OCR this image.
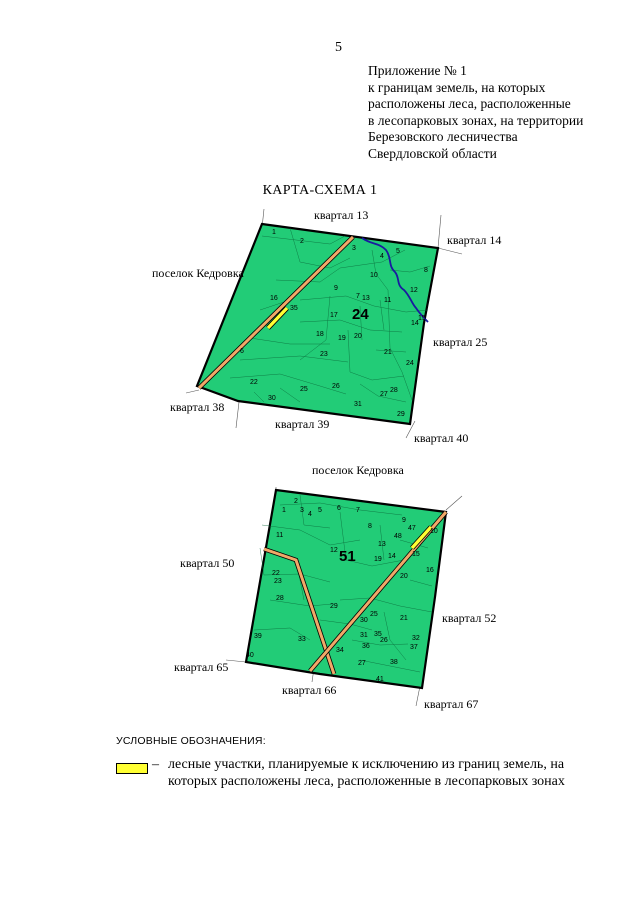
5
Приложение № 1
к границам земель, на которых
расположены леса, расположенные
в лесопарковых зонах, на территории
Березовского лесничества
Свердловской области
КАРТА-СХЕМА 1
1
2
3
4
5
6
7
8
9
10
11
12
13
14
15
16
17
18
19 20
21
22
23
24
25	26
27
28
29
30
31
35	24
квартал 13
квартал 14
поселок Кедровка
квартал 25
квартал 38
квартал 39
квартал 40
1
2
3
4
5 6 7
8
9
10
11
12
13
14 15
16
19
20
21
22
23
25
26
27
28
29
30
31	32
33
34
35
36	37
38
39
40
41
47
48
51
поселок Кедровка
квартал 50
квартал 52
квартал 65
квартал 66
квартал 67
УСЛОВНЫЕ ОБОЗНАЧЕНИЯ:
– лесные участки, планируемые к исключению из границ земель, на которых расположены леса, расположенные в лесопарковых зонах
